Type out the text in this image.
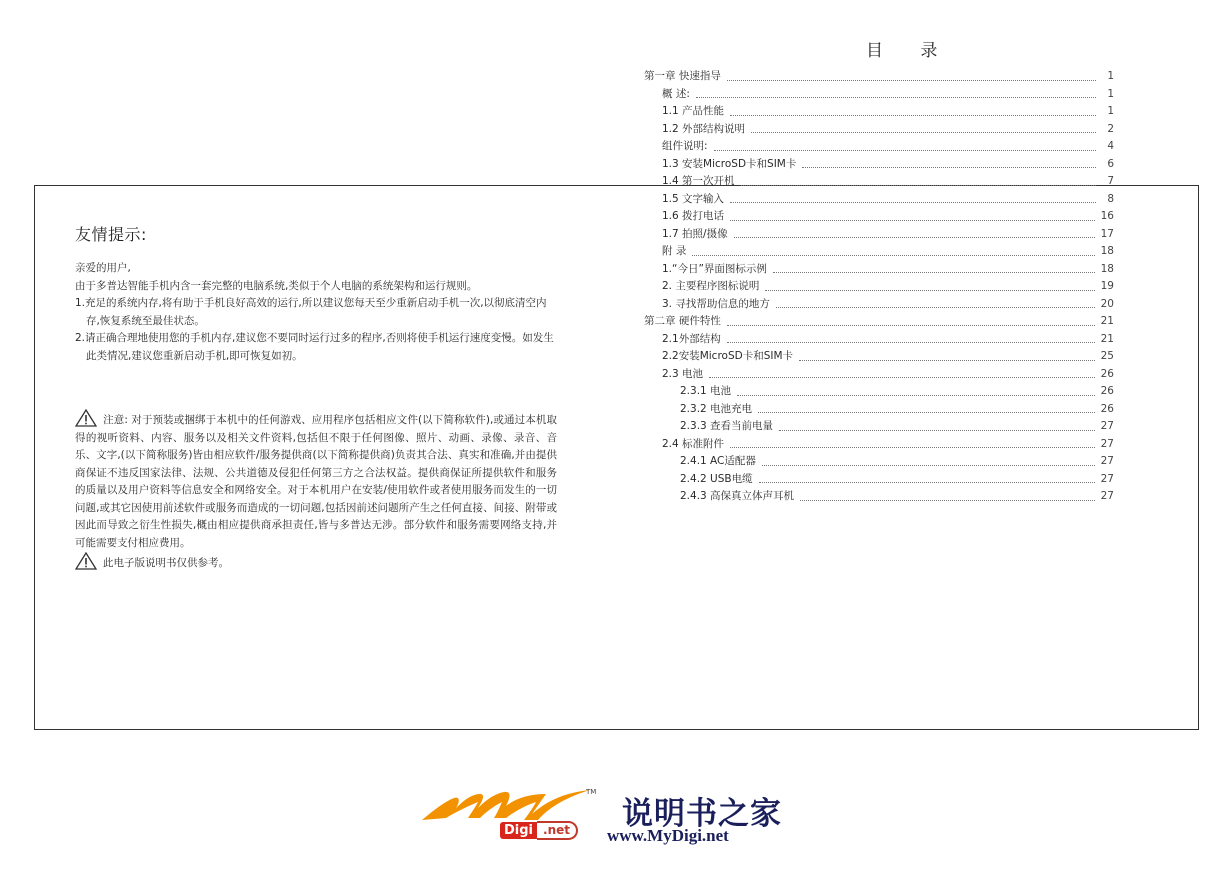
友情提示:

亲爱的用户,

由于多普达智能手机内含一套完整的电脑系统,类似于个人电脑的系统架构和运行规则。

1.充足的系统内存,将有助于手机良好高效的运行,所以建议您每天至少重新启动手机一次,以彻底清空内存,恢复系统至最佳状态。

2.请正确合理地使用您的手机内存,建议您不要同时运行过多的程序,否则将使手机运行速度变慢。如发生此类情况,建议您重新启动手机,即可恢复如初。

注意: 对于预装或捆绑于本机中的任何游戏、应用程序包括相应文件(以下简称软件),或通过本机取得的视听资料、内容、服务以及相关文件资料,包括但不限于任何图像、照片、动画、录像、录音、音乐、文字,(以下简称服务)皆由相应软件/服务提供商(以下简称提供商)负责其合法、真实和准确,并由提供商保证不违反国家法律、法规、公共道德及侵犯任何第三方之合法权益。提供商保证所提供软件和服务的质量以及用户资料等信息安全和网络安全。对于本机用户在安装/使用软件或者使用服务而发生的一切问题,或其它因使用前述软件或服务而造成的一切问题,包括因前述问题所产生之任何直接、间接、附带或因此而导致之衍生性损失,概由相应提供商承担责任,皆与多普达无涉。部分软件和服务需要网络支持,并可能需要支付相应费用。

此电子版说明书仅供参考。

目 录
第一章 快速指导	1
概 述:	1
1.1 产品性能	1
1.2 外部结构说明	2
组件说明:	4
1.3 安装MicroSD卡和SIM卡	6
1.4 第一次开机	7
1.5 文字输入	8
1.6 拨打电话	16
1.7 拍照/摄像	17
附 录	18
1.“今日”界面图标示例	18
2. 主要程序图标说明	19
3. 寻找帮助信息的地方	20
第二章 硬件特性	21
2.1外部结构	21
2.2安装MicroSD卡和SIM卡	25
2.3 电池	26
2.3.1 电池	26
2.3.2 电池充电	26
2.3.3 查看当前电量	27
2.4 标准附件	27
2.4.1 AC适配器	27
2.4.2 USB电缆	27
2.4.3 高保真立体声耳机	27
TM
Digi .net 说明书之家
www.MyDigi.net
